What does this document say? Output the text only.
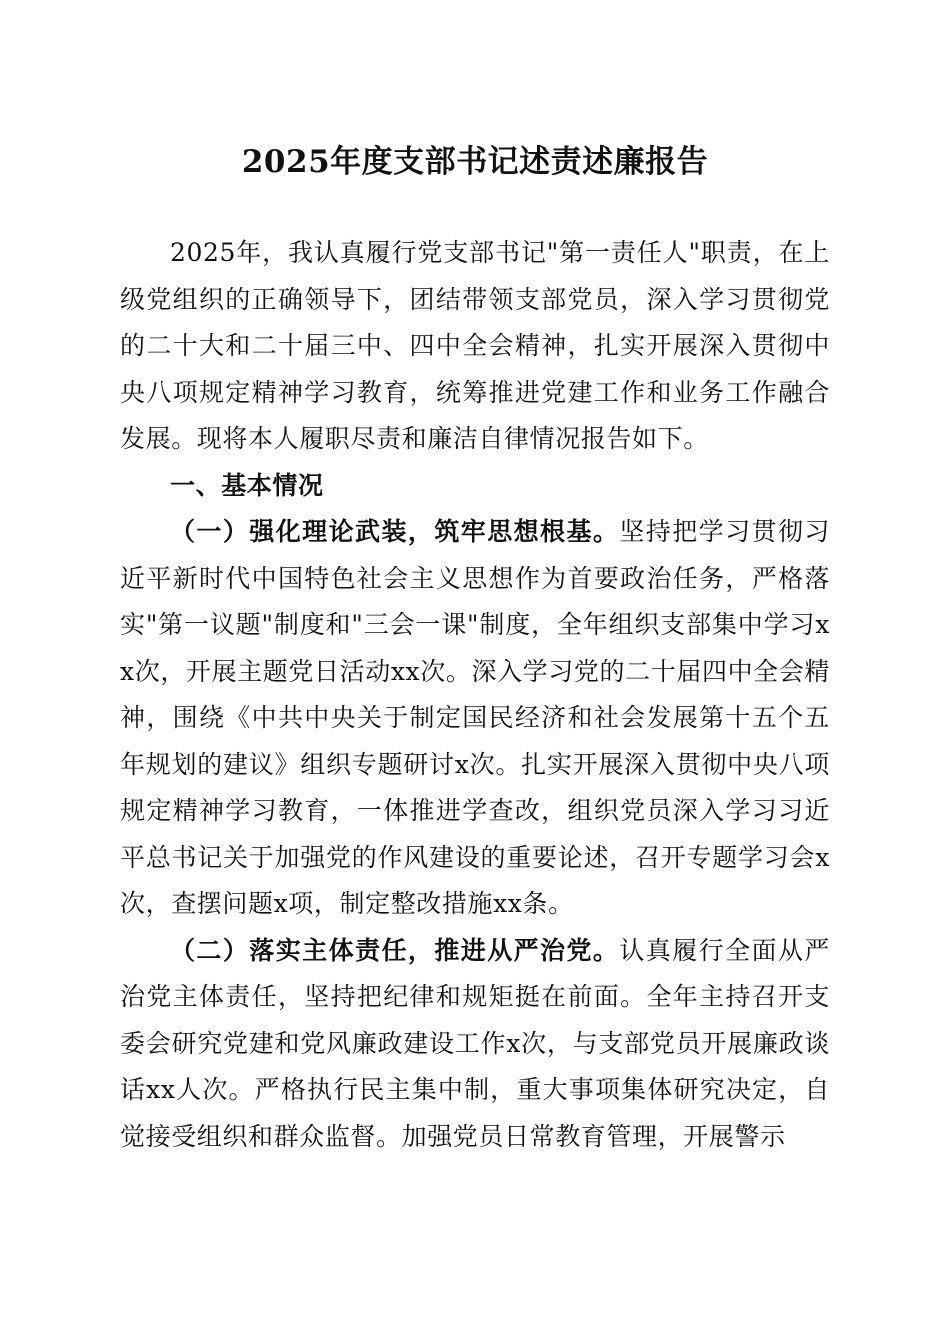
2025年度支部书记述责述廉报告

2025年，我认真履行党支部书记"第一责任人"职责，在上级党组织的正确领导下，团结带领支部党员，深入学习贯彻党的二十大和二十届三中、四中全会精神，扎实开展深入贯彻中央八项规定精神学习教育，统筹推进党建工作和业务工作融合发展。现将本人履职尽责和廉洁自律情况报告如下。

一、基本情况

（一）强化理论武装，筑牢思想根基。坚持把学习贯彻习近平新时代中国特色社会主义思想作为首要政治任务，严格落实"第一议题"制度和"三会一课"制度，全年组织支部集中学习xx次，开展主题党日活动xx次。深入学习党的二十届四中全会精神，围绕《中共中央关于制定国民经济和社会发展第十五个五年规划的建议》组织专题研讨x次。扎实开展深入贯彻中央八项规定精神学习教育，一体推进学查改，组织党员深入学习习近平总书记关于加强党的作风建设的重要论述，召开专题学习会x次，查摆问题x项，制定整改措施xx条。

（二）落实主体责任，推进从严治党。认真履行全面从严治党主体责任，坚持把纪律和规矩挺在前面。全年主持召开支委会研究党建和党风廉政建设工作x次，与支部党员开展廉政谈话xx人次。严格执行民主集中制，重大事项集体研究决定，自觉接受组织和群众监督。加强党员日常教育管理，开展警示
